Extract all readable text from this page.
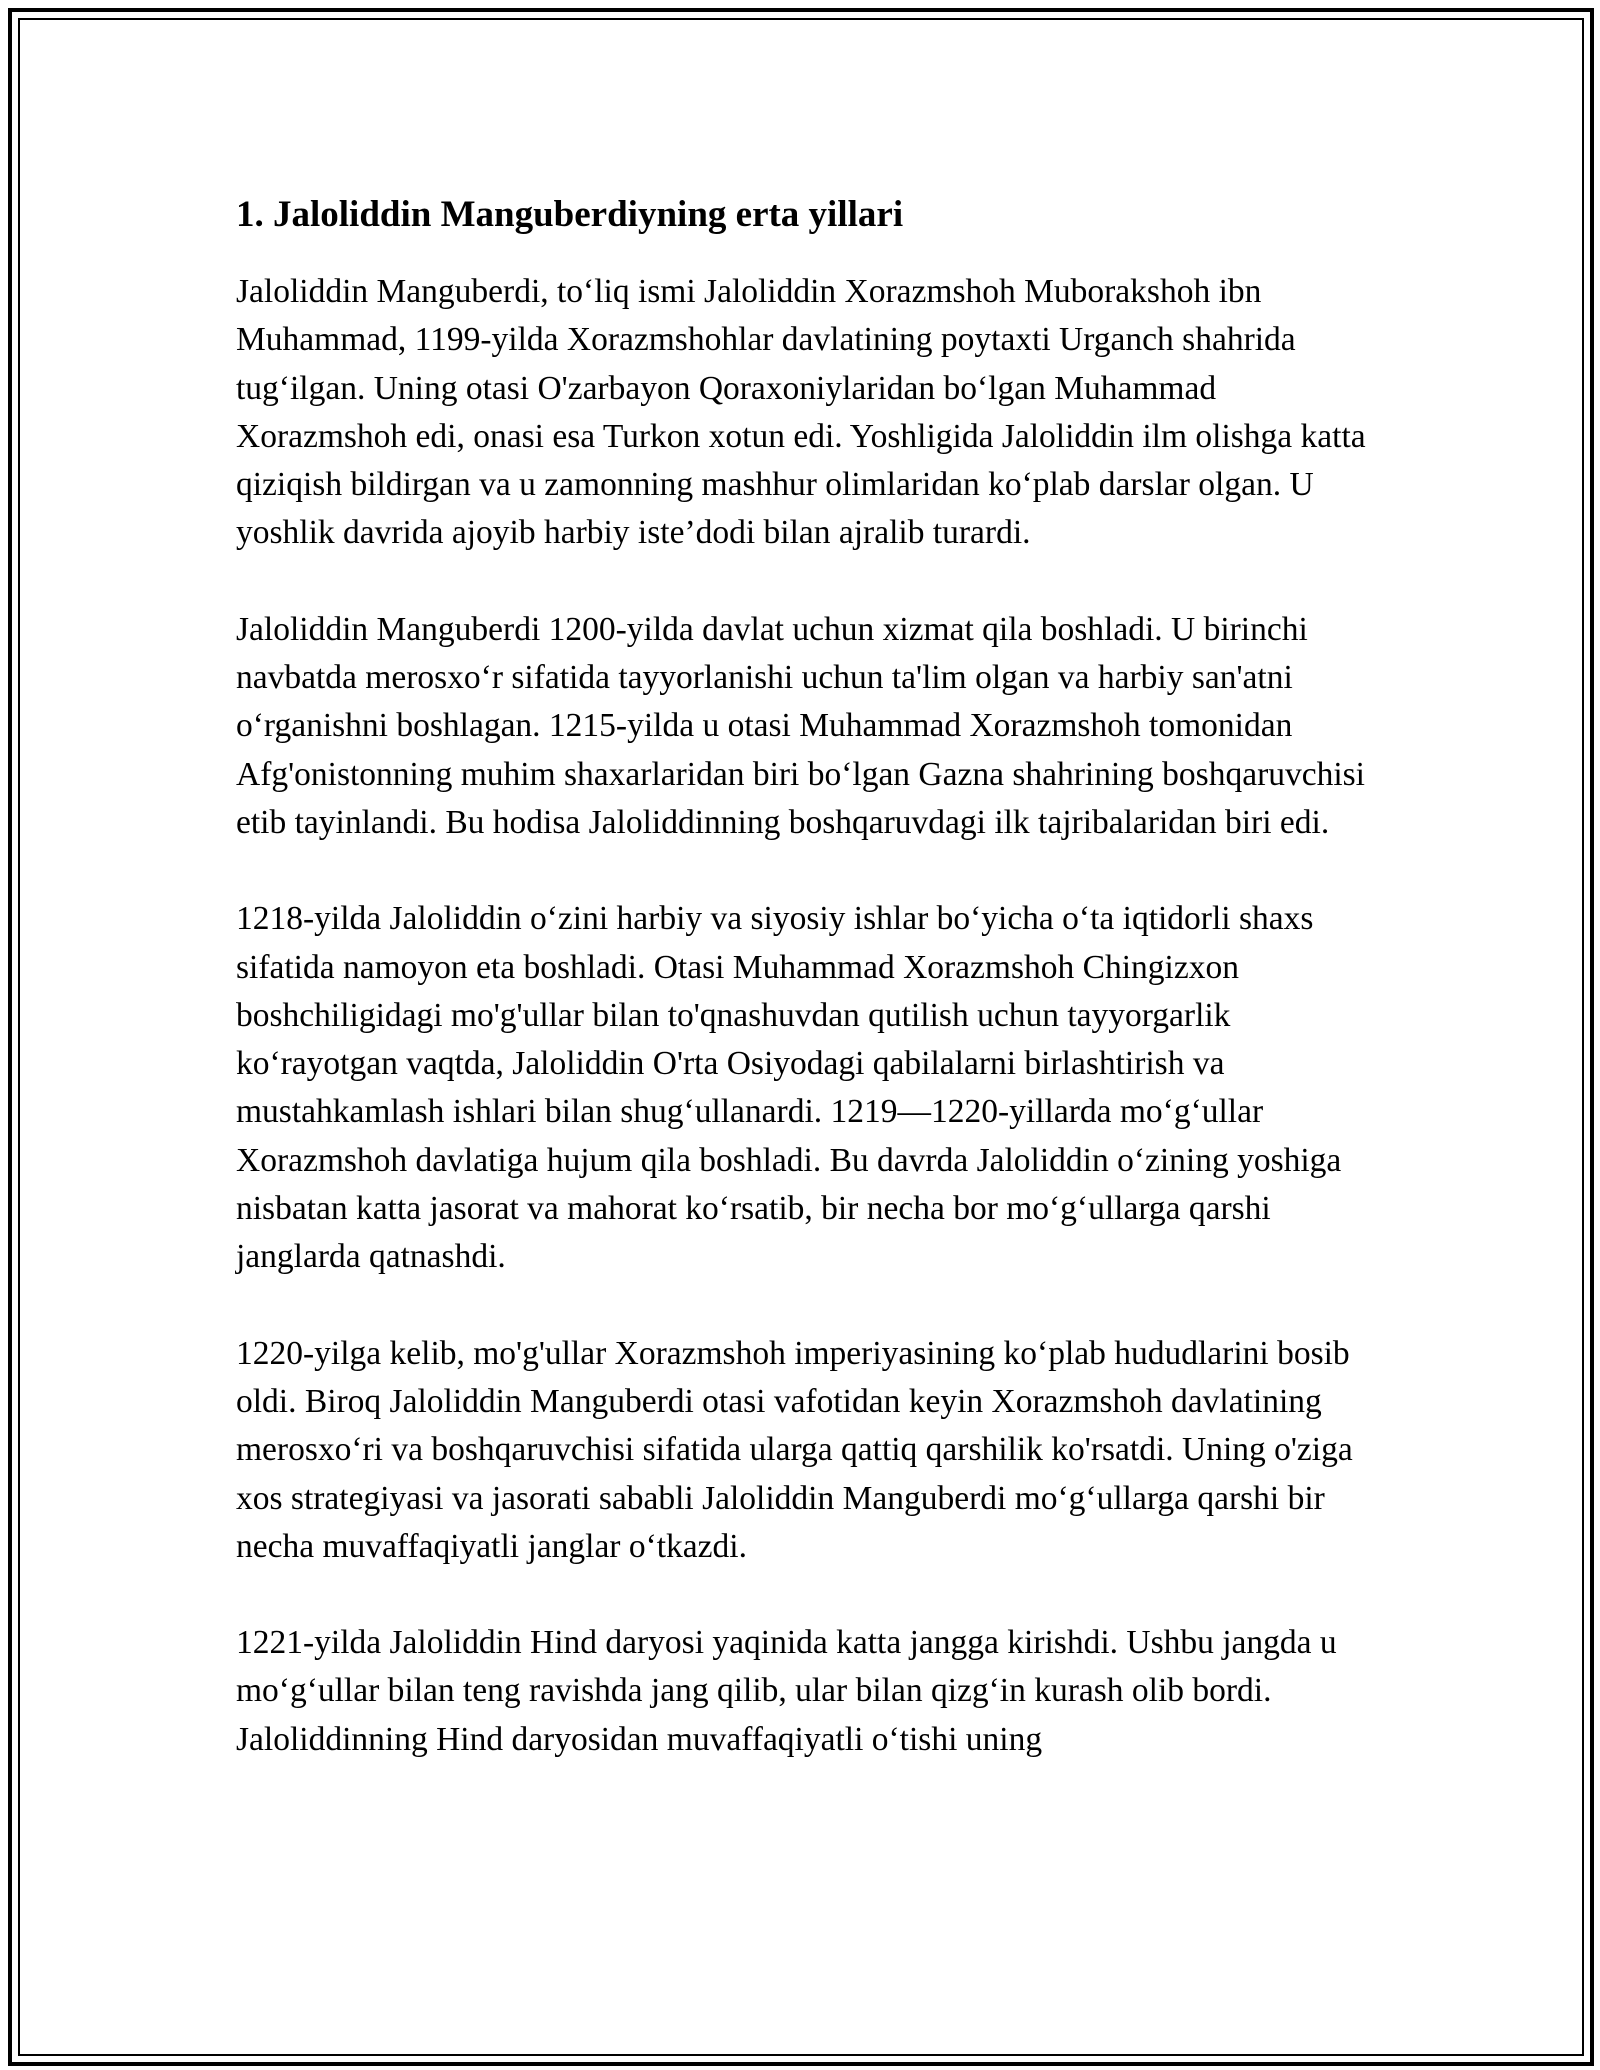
1. Jaloliddin Manguberdiyning erta yillari

Jaloliddin Manguberdi, to‘liq ismi Jaloliddin Xorazmshoh Muborakshoh ibn Muhammad, 1199-yilda Xorazmshohlar davlatining poytaxti Urganch shahrida tug‘ilgan. Uning otasi O'zarbayon Qoraxoniylaridan bo‘lgan Muhammad Xorazmshoh edi, onasi esa Turkon xotun edi. Yoshligida Jaloliddin ilm olishga katta qiziqish bildirgan va u zamonning mashhur olimlaridan ko‘plab darslar olgan. U yoshlik davrida ajoyib harbiy iste’dodi bilan ajralib turardi.

Jaloliddin Manguberdi 1200-yilda davlat uchun xizmat qila boshladi. U birinchi navbatda merosxo‘r sifatida tayyorlanishi uchun ta'lim olgan va harbiy san'atni o‘rganishni boshlagan. 1215-yilda u otasi Muhammad Xorazmshoh tomonidan Afg'onistonning muhim shaxarlaridan biri bo‘lgan Gazna shahrining boshqaruvchisi etib tayinlandi. Bu hodisa Jaloliddinning boshqaruvdagi ilk tajribalaridan biri edi.

1218-yilda Jaloliddin o‘zini harbiy va siyosiy ishlar bo‘yicha o‘ta iqtidorli shaxs sifatida namoyon eta boshladi. Otasi Muhammad Xorazmshoh Chingizxon boshchiligidagi mo'g'ullar bilan to'qnashuvdan qutilish uchun tayyorgarlik ko‘rayotgan vaqtda, Jaloliddin O'rta Osiyodagi qabilalarni birlashtirish va mustahkamlash ishlari bilan shug‘ullanardi. 1219—1220-yillarda mo‘g‘ullar Xorazmshoh davlatiga hujum qila boshladi. Bu davrda Jaloliddin o‘zining yoshiga nisbatan katta jasorat va mahorat ko‘rsatib, bir necha bor mo‘g‘ullarga qarshi janglarda qatnashdi.

1220-yilga kelib, mo'g'ullar Xorazmshoh imperiyasining ko‘plab hududlarini bosib oldi. Biroq Jaloliddin Manguberdi otasi vafotidan keyin Xorazmshoh davlatining merosxo‘ri va boshqaruvchisi sifatida ularga qattiq qarshilik ko'rsatdi. Uning o'ziga xos strategiyasi va jasorati sababli Jaloliddin Manguberdi mo‘g‘ullarga qarshi bir necha muvaffaqiyatli janglar o‘tkazdi.

1221-yilda Jaloliddin Hind daryosi yaqinida katta jangga kirishdi. Ushbu jangda u mo‘g‘ullar bilan teng ravishda jang qilib, ular bilan qizg‘in kurash olib bordi. Jaloliddinning Hind daryosidan muvaffaqiyatli o‘tishi uning
